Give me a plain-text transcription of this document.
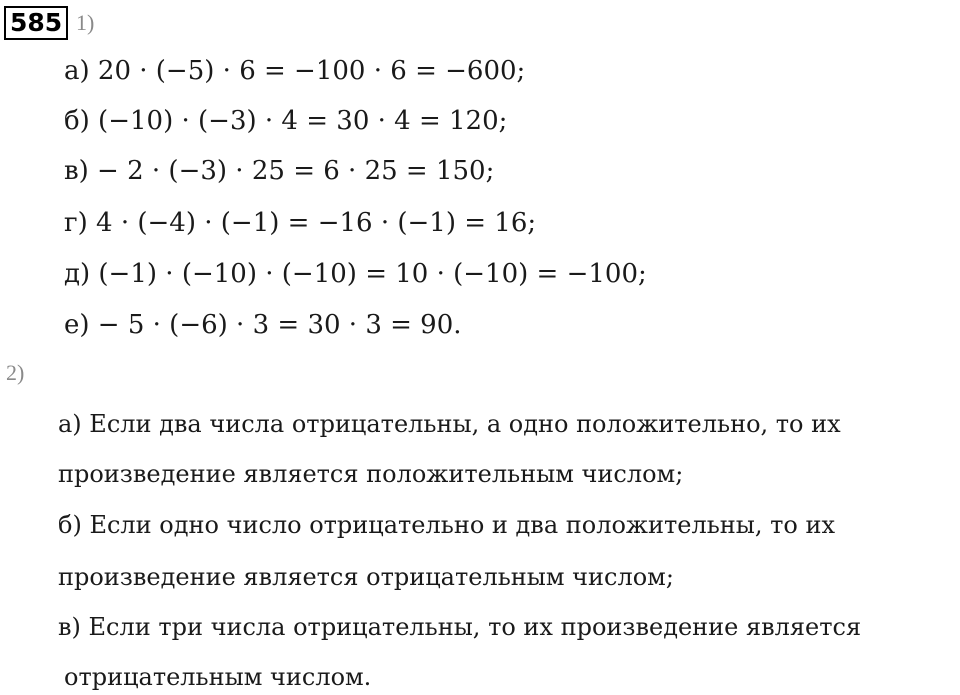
585 1)
а) 20 · (−5) · 6 = −100 · 6 = −600;
б) (−10) · (−3) · 4 = 30 · 4 = 120;
в) − 2 · (−3) · 25 = 6 · 25 = 150;
г) 4 · (−4) · (−1) = −16 · (−1) = 16;
д) (−1) · (−10) · (−10) = 10 · (−10) = −100;
е) − 5 · (−6) · 3 = 30 · 3 = 90.
2)
а) Если два числа отрицательны, а одно положительно, то их
произведение является положительным числом;
б) Если одно число отрицательно и два положительны, то их
произведение является отрицательным числом;
в) Если три числа отрицательны, то их произведение является
отрицательным числом.
